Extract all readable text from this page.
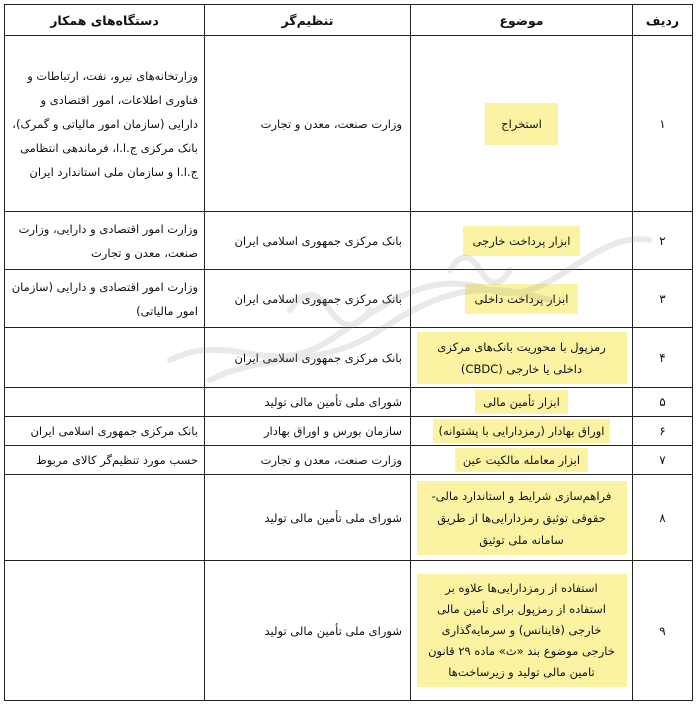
ردیف	موضوع	تنظیم‌گر	دستگاه‌های همکار
۱	استخراج	وزارت صنعت، معدن و تجارت	وزارتخانه‌های نیرو، نفت، ارتباطات و فناوری اطلاعات، امور اقتصادی و دارایی (سازمان امور مالیاتی و گمرک)، بانک مرکزی ج.ا.ا، فرماندهی انتظامی ج.ا.ا و سازمان ملی استاندارد ایران
۲	ابزار پرداخت خارجی	بانک مرکزی جمهوری اسلامی ایران	وزارت امور اقتصادی و دارایی، وزارت صنعت، معدن و تجارت
۳	ابزار پرداخت داخلی	بانک مرکزی جمهوری اسلامی ایران	وزارت امور اقتصادی و دارایی (سازمان امور مالیاتی)
۴	رمزپول با محوریت بانک‌های مرکزی داخلی یا خارجی (CBDC)	بانک مرکزی جمهوری اسلامی ایران	
۵	ابزار تأمین مالی	شورای ملی تأمین مالی تولید	
۶	اوراق بهادار (رمزدارایی با پشتوانه)	سازمان بورس و اوراق بهادار	بانک مرکزی جمهوری اسلامی ایران
۷	ابزار معامله مالکیت عین	وزارت صنعت، معدن و تجارت	حسب مورد تنظیم‌گر کالای مربوط
۸	فراهم‌سازی شرایط و استاندارد مالی- حقوقی توثیق رمزدارایی‌ها از طریق سامانه ملی توثیق	شورای ملی تأمین مالی تولید	
۹	استفاده از رمزدارایی‌ها علاوه بر استفاده از رمزپول برای تأمین مالی خارجی (فاینانس) و سرمایه‌گذاری خارجی موضوع بند «ث» ماده ۲۹ قانون تامین مالی تولید و زیرساخت‌ها	شورای ملی تأمین مالی تولید	
